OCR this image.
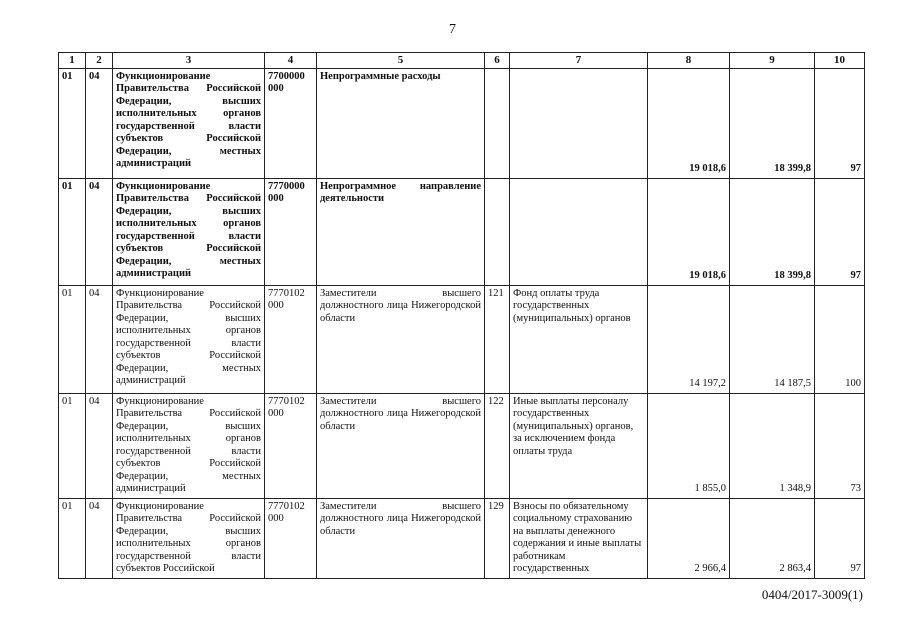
7
1	2	3	4	5	6	7	8	9	10
01	04	Функционирование Правительства Российской Федерации, высших исполнительных органов государственной власти субъектов Российской Федерации, местных администраций	7700000 000	Непрограммные расходы			19 018,6	18 399,8	97
01	04	Функционирование Правительства Российской Федерации, высших исполнительных органов государственной власти субъектов Российской Федерации, местных администраций	7770000 000	Непрограммное направление деятельности			19 018,6	18 399,8	97
01	04	Функционирование Правительства Российской Федерации, высших исполнительных органов государственной власти субъектов Российской Федерации, местных администраций	7770102 000	Заместители высшего должностного лица Нижегородской области	121	Фонд оплаты труда государственных (муниципальных) органов	14 197,2	14 187,5	100
01	04	Функционирование Правительства Российской Федерации, высших исполнительных органов государственной власти субъектов Российской Федерации, местных администраций	7770102 000	Заместители высшего должностного лица Нижегородской области	122	Иные выплаты персоналу государственных (муниципальных) органов, за исключением фонда оплаты труда	1 855,0	1 348,9	73
01	04	Функционирование Правительства Российской Федерации, высших исполнительных органов государственной власти субъектов Российской	7770102 000	Заместители высшего должностного лица Нижегородской области	129	Взносы по обязательному социальному страхованию на выплаты денежного содержания и иные выплаты работникам государственных	2 966,4	2 863,4	97
0404/2017-3009(1)
